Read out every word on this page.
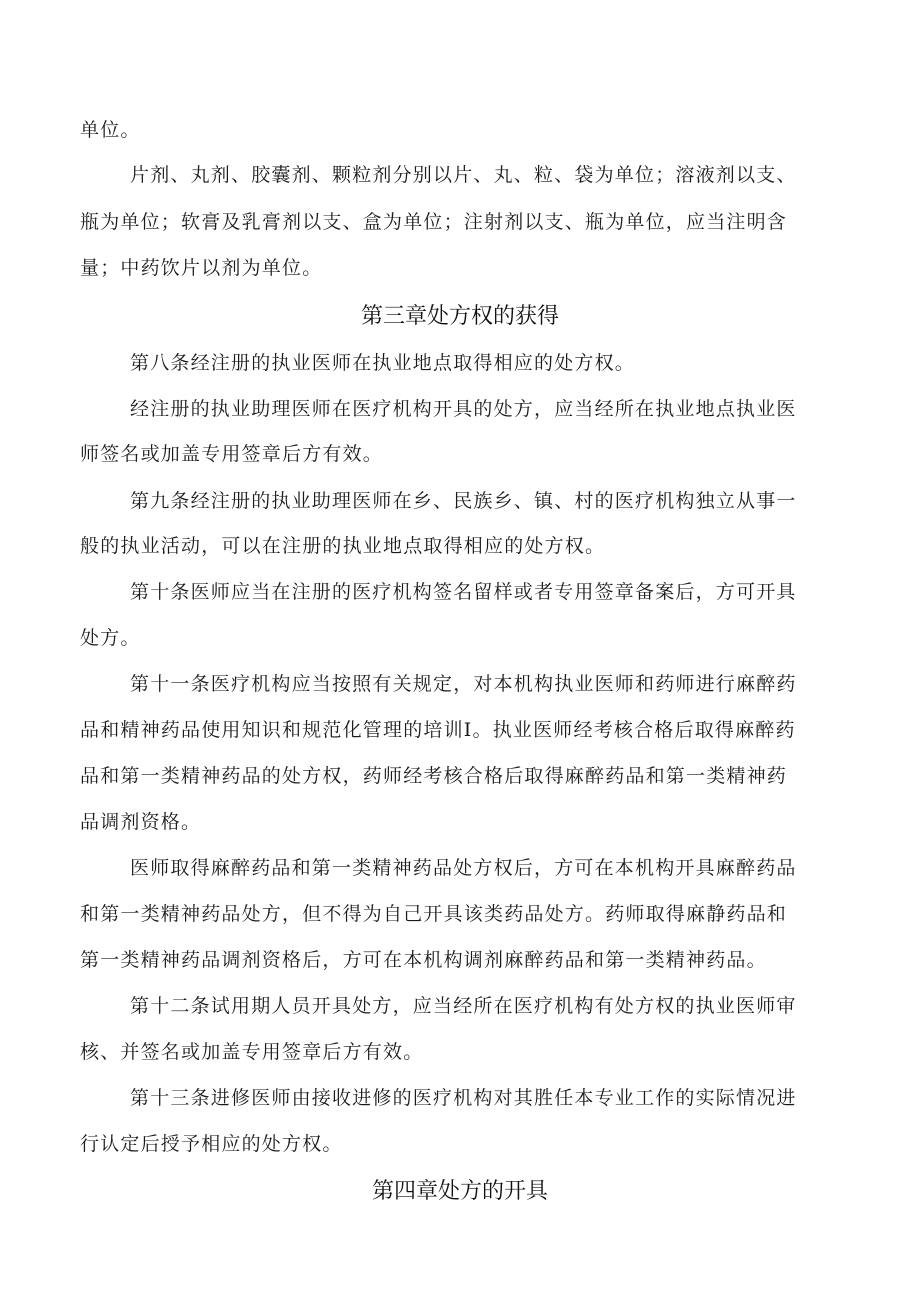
单位。
片剂、丸剂、胶囊剂、颗粒剂分别以片、丸、粒、袋为单位；溶液剂以支、
瓶为单位；软膏及乳膏剂以支、盒为单位；注射剂以支、瓶为单位，应当注明含
量；中药饮片以剂为单位。
第三章处方权的获得
第八条经注册的执业医师在执业地点取得相应的处方权。
经注册的执业助理医师在医疗机构开具的处方，应当经所在执业地点执业医
师签名或加盖专用签章后方有效。
第九条经注册的执业助理医师在乡、民族乡、镇、村的医疗机构独立从事一
般的执业活动，可以在注册的执业地点取得相应的处方权。
第十条医师应当在注册的医疗机构签名留样或者专用签章备案后，方可开具
处方。
第十一条医疗机构应当按照有关规定，对本机构执业医师和药师进行麻醉药
品和精神药品使用知识和规范化管理的培训I。执业医师经考核合格后取得麻醉药
品和第一类精神药品的处方权，药师经考核合格后取得麻醉药品和第一类精神药
品调剂资格。
医师取得麻醉药品和第一类精神药品处方权后，方可在本机构开具麻醉药品
和第一类精神药品处方，但不得为自己开具该类药品处方。药师取得麻静药品和
第一类精神药品调剂资格后，方可在本机构调剂麻醉药品和第一类精神药品。
第十二条试用期人员开具处方，应当经所在医疗机构有处方权的执业医师审
核、并签名或加盖专用签章后方有效。
第十三条进修医师由接收进修的医疗机构对其胜任本专业工作的实际情况进
行认定后授予相应的处方权。
第四章处方的开具
